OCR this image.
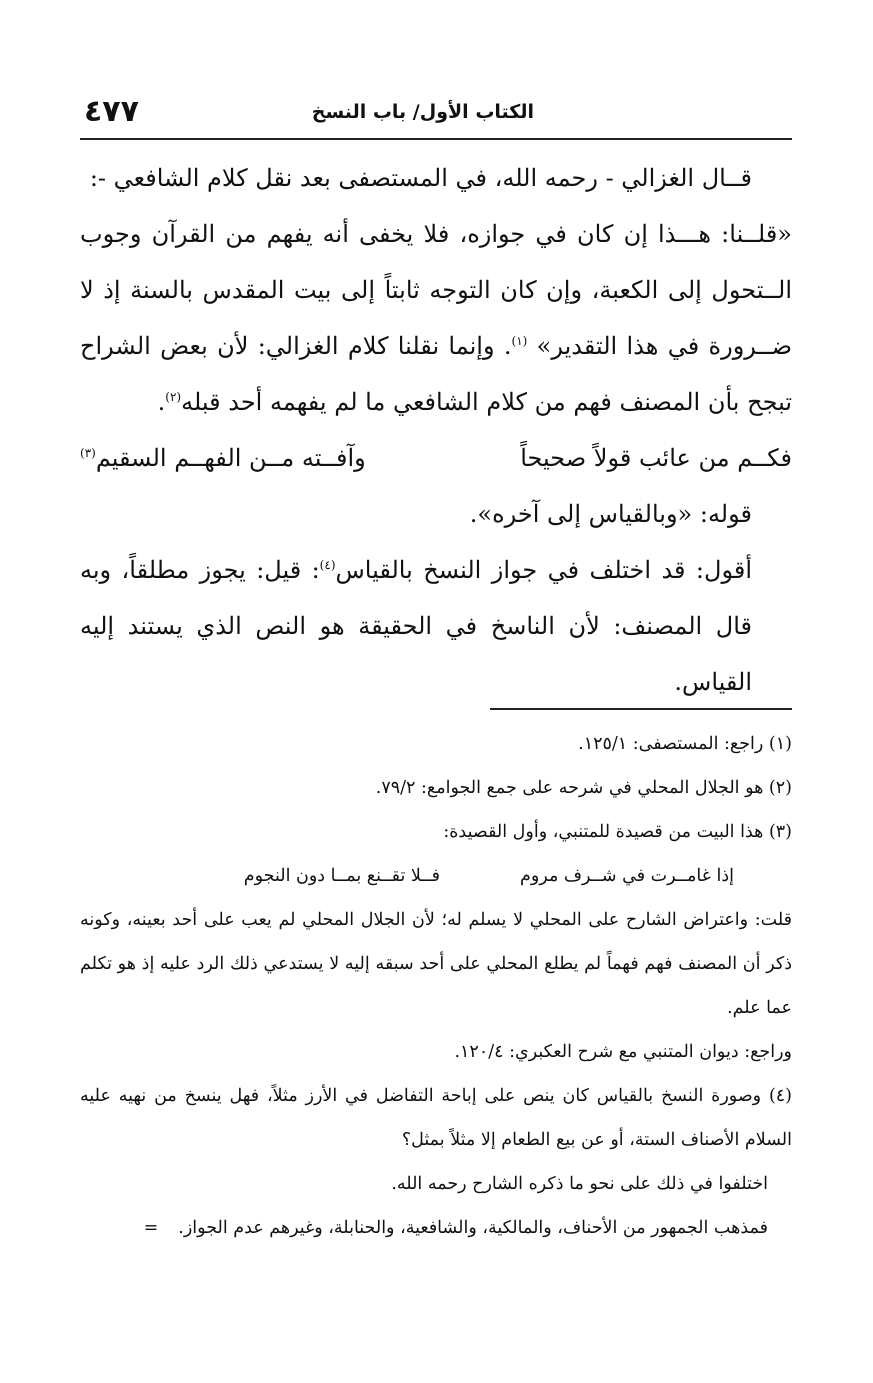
٤٧٧	الكتاب الأول/ باب النسخ

قــال الغزالي - رحمه الله، في المستصفى بعد نقل كلام الشافعي -:

«قلــنا: هـــذا إن كان في جوازه، فلا يخفى أنه يفهم من القرآن وجوب الــتحول إلى الكعبة، وإن كان التوجه ثابتاً إلى بيت المقدس بالسنة إذ لا ضــرورة في هذا التقدير» $^{(١)}$. وإنما نقلنا كلام الغزالي: لأن بعض الشراح تبجح بأن المصنف فهم من كلام الشافعي ما لم يفهمه أحد قبله$^{(٢)}$.

فكــم من عائب قولاً صحيحاً
وآفــته مــن الفهــم السقيم$^{(٣)}$

قوله: «وبالقياس إلى آخره».

أقول: قد اختلف في جواز النسخ بالقياس$^{(٤)}$: قيل: يجوز مطلقاً، وبه قال المصنف: لأن الناسخ في الحقيقة هو النص الذي يستند إليه القياس.

(١) راجع: المستصفى: ١٢٥/١.

(٢) هو الجلال المحلي في شرحه على جمع الجوامع: ٧٩/٢.

(٣) هذا البيت من قصيدة للمتنبي، وأول القصيدة:

إذا غامــرت في شــرف مروم
فــلا تقــنع بمــا دون النجوم

قلت: واعتراض الشارح على المحلي لا يسلم له؛ لأن الجلال المحلي لم يعب على أحد بعينه، وكونه ذكر أن المصنف فهم فهماً لم يطلع المحلي على أحد سبقه إليه لا يستدعي ذلك الرد عليه إذ هو تكلم عما علم.

وراجع: ديوان المتنبي مع شرح العكبري: ١٢٠/٤.

(٤) وصورة النسخ بالقياس كان ينص على إباحة التفاضل في الأرز مثلاً، فهل ينسخ من نهيه عليه السلام الأصناف الستة، أو عن بيع الطعام إلا مثلاً بمثل؟

اختلفوا في ذلك على نحو ما ذكره الشارح رحمه الله.

فمذهب الجمهور من الأحناف، والمالكية، والشافعية، والحنابلة، وغيرهم عدم الجواز.=
